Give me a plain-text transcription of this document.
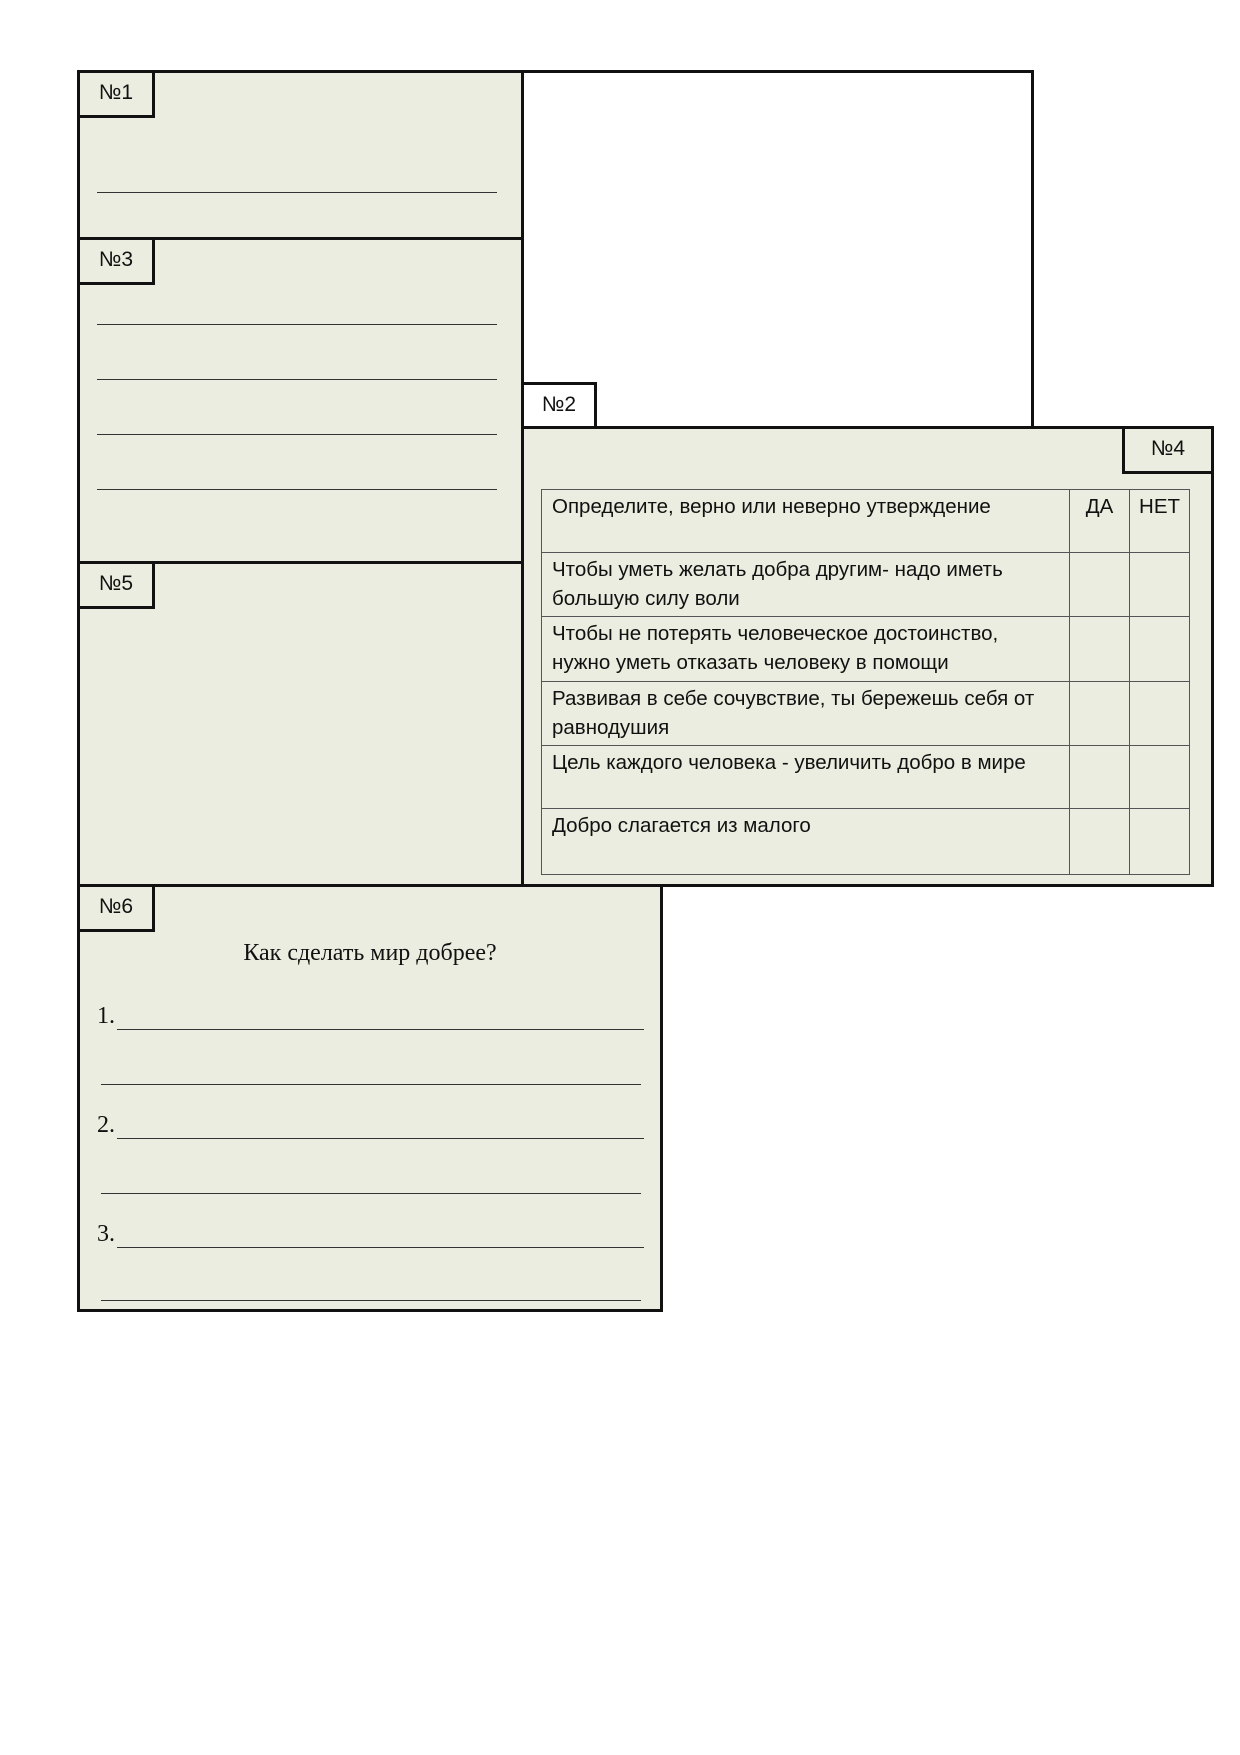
№1
№3
№5
№4
№2
Определите, верно или неверно утверждение	ДА	НЕТ
Чтобы уметь желать добра другим- надо иметь большую силу воли		
Чтобы не потерять человеческое достоинство, нужно уметь отказать человеку в помощи		
Развивая в себе сочувствие, ты бережешь себя от равнодушия		
Цель каждого человека - увеличить добро в мире		
Добро слагается из малого		
№6
Как сделать мир добрее?
1.
2.
3.
